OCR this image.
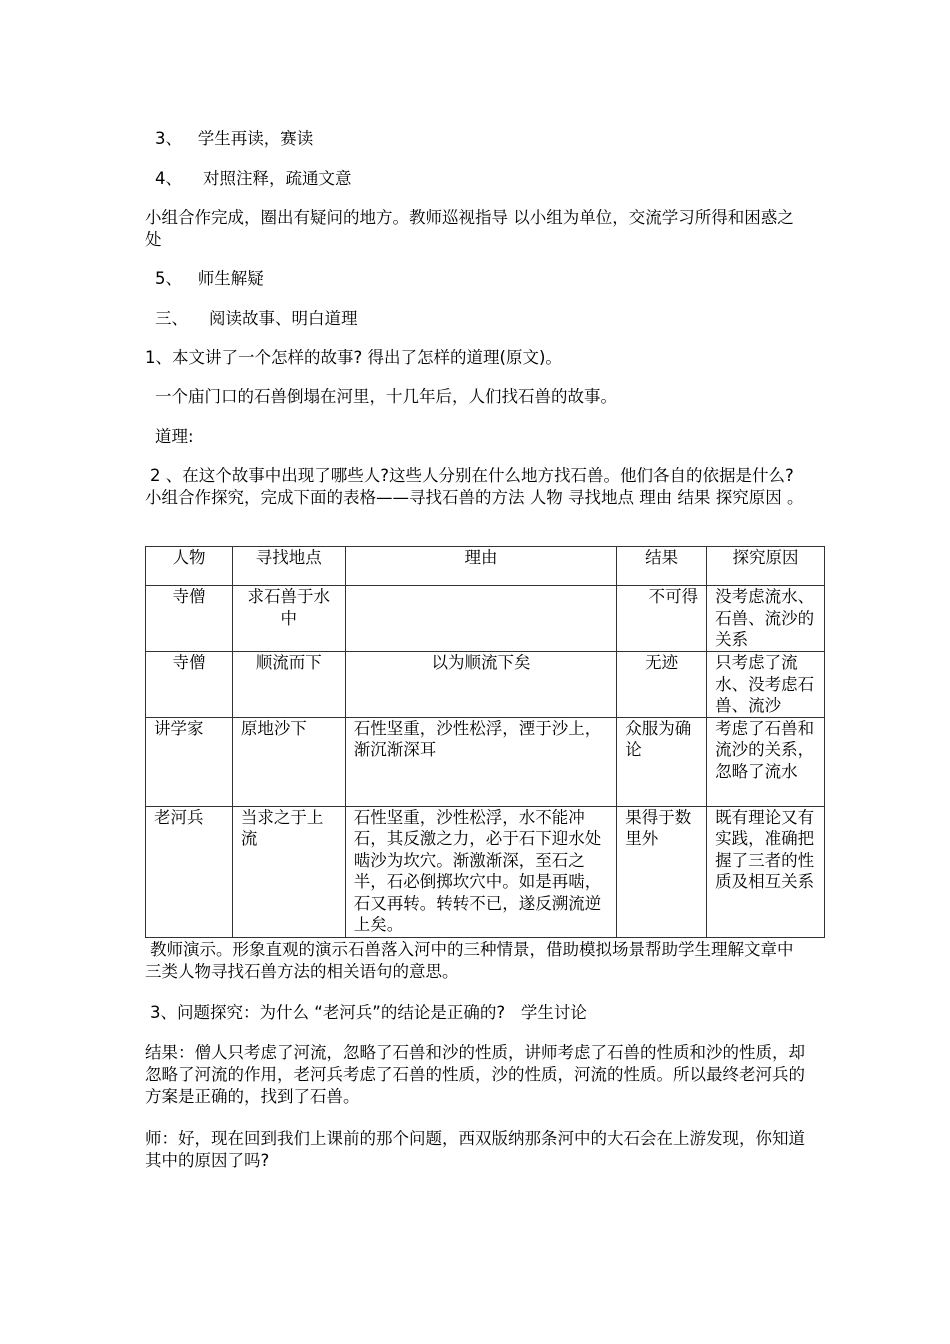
3、   学生再读，赛读
4、    对照注释，疏通文意
小组合作完成，圈出有疑问的地方。教师巡视指导 以小组为单位，交流学习所得和困惑之处
5、   师生解疑
三、    阅读故事、明白道理
1、本文讲了一个怎样的故事? 得出了怎样的道理(原文)。
一个庙门口的石兽倒塌在河里，十几年后，人们找石兽的故事。
道理:
2 、在这个故事中出现了哪些人?这些人分别在什么地方找石兽。他们各自的依据是什么?小组合作探究，完成下面的表格——寻找石兽的方法 人物 寻找地点 理由 结果 探究原因 。
人物	寻找地点	理由	结果	探究原因
寺僧	求石兽于水中		不可得	没考虑流水、石兽、流沙的关系
寺僧	顺流而下	以为顺流下矣	无迹	只考虑了流水、没考虑石兽、流沙
讲学家	原地沙下	石性坚重，沙性松浮，湮于沙上，渐沉渐深耳	众服为确论	考虑了石兽和流沙的关系，忽略了流水
老河兵	当求之于上流	石性坚重，沙性松浮，水不能冲石，其反激之力，必于石下迎水处啮沙为坎穴。渐激渐深，至石之半，石必倒掷坎穴中。如是再啮，石又再转。转转不已，遂反溯流逆上矣。	果得于数里外	既有理论又有实践，准确把握了三者的性质及相互关系
教师演示。形象直观的演示石兽落入河中的三种情景，借助模拟场景帮助学生理解文章中三类人物寻找石兽方法的相关语句的意思。
3、问题探究：为什么 “老河兵”的结论是正确的?   学生讨论
结果：僧人只考虑了河流，忽略了石兽和沙的性质，讲师考虑了石兽的性质和沙的性质，却忽略了河流的作用，老河兵考虑了石兽的性质，沙的性质，河流的性质。所以最终老河兵的方案是正确的，找到了石兽。
师：好，现在回到我们上课前的那个问题，西双版纳那条河中的大石会在上游发现，你知道其中的原因了吗?
